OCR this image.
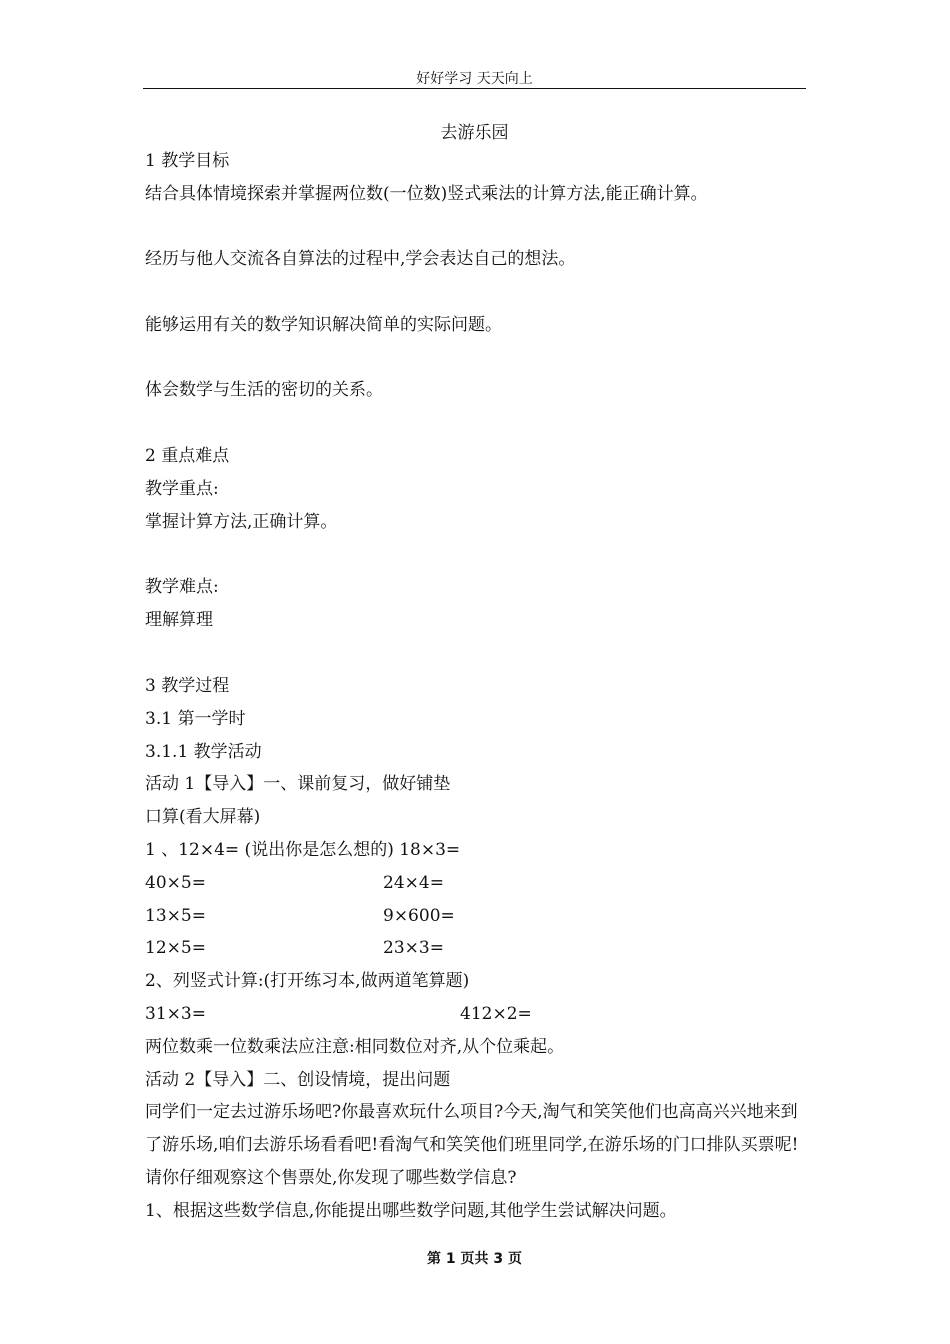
好好学习 天天向上
去游乐园
1 教学目标
结合具体情境探索并掌握两位数(一位数)竖式乘法的计算方法,能正确计算。
经历与他人交流各自算法的过程中,学会表达自己的想法。
能够运用有关的数学知识解决简单的实际问题。
体会数学与生活的密切的关系。
2 重点难点
教学重点:
掌握计算方法,正确计算。
教学难点:
理解算理
3 教学过程
3.1 第一学时
3.1.1 教学活动
活动 1【导入】一、课前复习，做好铺垫
口算(看大屏幕)
1 、12×4= (说出你是怎么想的) 18×3=
40×5=	24×4=
13×5=	9×600=
12×5=	23×3=
2、列竖式计算:(打开练习本,做两道笔算题)
31×3=	412×2=
两位数乘一位数乘法应注意:相同数位对齐,从个位乘起。
活动 2【导入】二、创设情境，提出问题
同学们一定去过游乐场吧?你最喜欢玩什么项目?今天,淘气和笑笑他们也高高兴兴地来到了游乐场,咱们去游乐场看看吧!看淘气和笑笑他们班里同学,在游乐场的门口排队买票呢!请你仔细观察这个售票处,你发现了哪些数学信息?
1、根据这些数学信息,你能提出哪些数学问题,其他学生尝试解决问题。
第 1 页共 3 页
